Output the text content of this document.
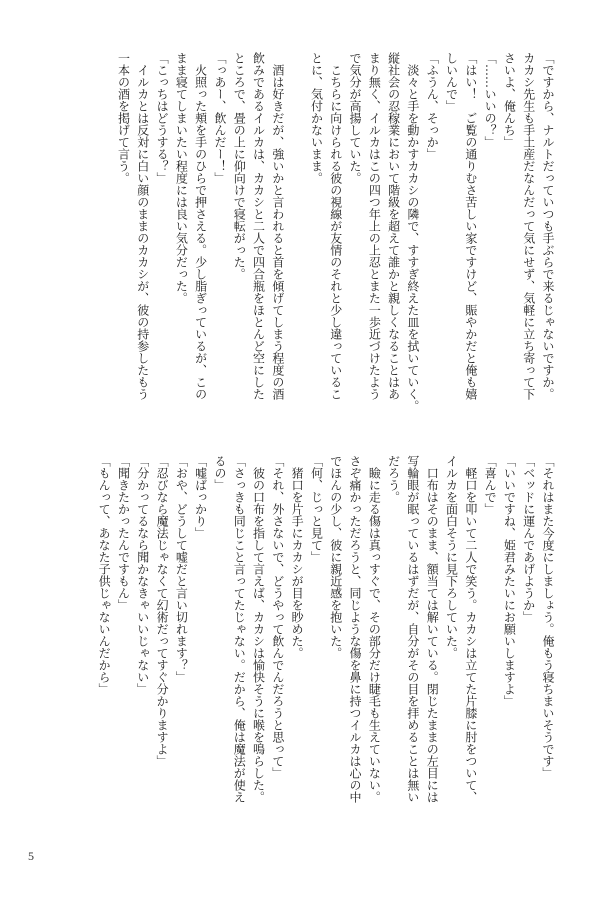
「ですから、ナルトだっていつも手ぶらで来るじゃないですか。
カカシ先生も手土産だなんだって気にせず、気軽に立ち寄って下
さいよ、俺んち」
「……いいの？」
「はい！　ご覧の通りむさ苦しい家ですけど、賑やかだと俺も嬉
しいんで」
「ふうん、そっか」
　淡々と手を動かすカカシの隣で、すすぎ終えた皿を拭いていく。
縦社会の忍稼業において階級を超えて誰かと親しくなることはあ
まり無く、イルカはこの四つ年上の上忍とまた一歩近づけたよう
で気分が高揚していた。
　こちらに向けられる彼の視線が友情のそれと少し違っているこ
とに、気付かないまま。

　酒は好きだが、強いかと言われると首を傾げてしまう程度の酒
飲みであるイルカは、カカシと二人で四合瓶をほとんど空にした
ところで、畳の上に仰向けで寝転がった。
「っあー、飲んだー！」
　火照った頬を手のひらで押さえる。少し脂ぎっているが、この
まま寝てしまいたい程度には良い気分だった。
「こっちはどうする？」
　イルカとは反対に白い顔のままのカカシが、彼の持参したもう
一本の酒を掲げて言う。
「それはまた今度にしましょう。俺もう寝ちまいそうです」
「ベッドに運んであげようか」
「いいですね、姫君みたいにお願いしますよ」
「喜んで」
　軽口を叩いて二人で笑う。カカシは立てた片膝に肘をついて、
イルカを面白そうに見下ろしていた。
　口布はそのまま、額当ては解いている。閉じたままの左目には
写輪眼が眠っているはずだが、自分がその目を拝めることは無い
だろう。
　瞼に走る傷は真っすぐで、その部分だけ睫毛も生えていない。
さぞ痛かっただろうと、同じような傷を鼻に持つイルカは心の中
でほんの少し、彼に親近感を抱いた。
「何、じっと見て」
　猪口を片手にカカシが目を眇めた。
「それ、外さないで、どうやって飲んでんだろうと思って」
　彼の口布を指して言えば、カカシは愉快そうに喉を鳴らした。
「さっきも同じこと言ってたじゃない。だから、俺は魔法が使え
るの」
「嘘ばっかり」
「おや、どうして嘘だと言い切れます？」
「忍びなら魔法じゃなくて幻術だってすぐ分かりますよ」
「分かってるなら聞かなきゃいいじゃない」
「聞きたかったんですもん」
「もんって、あなた子供じゃないんだから」
5
